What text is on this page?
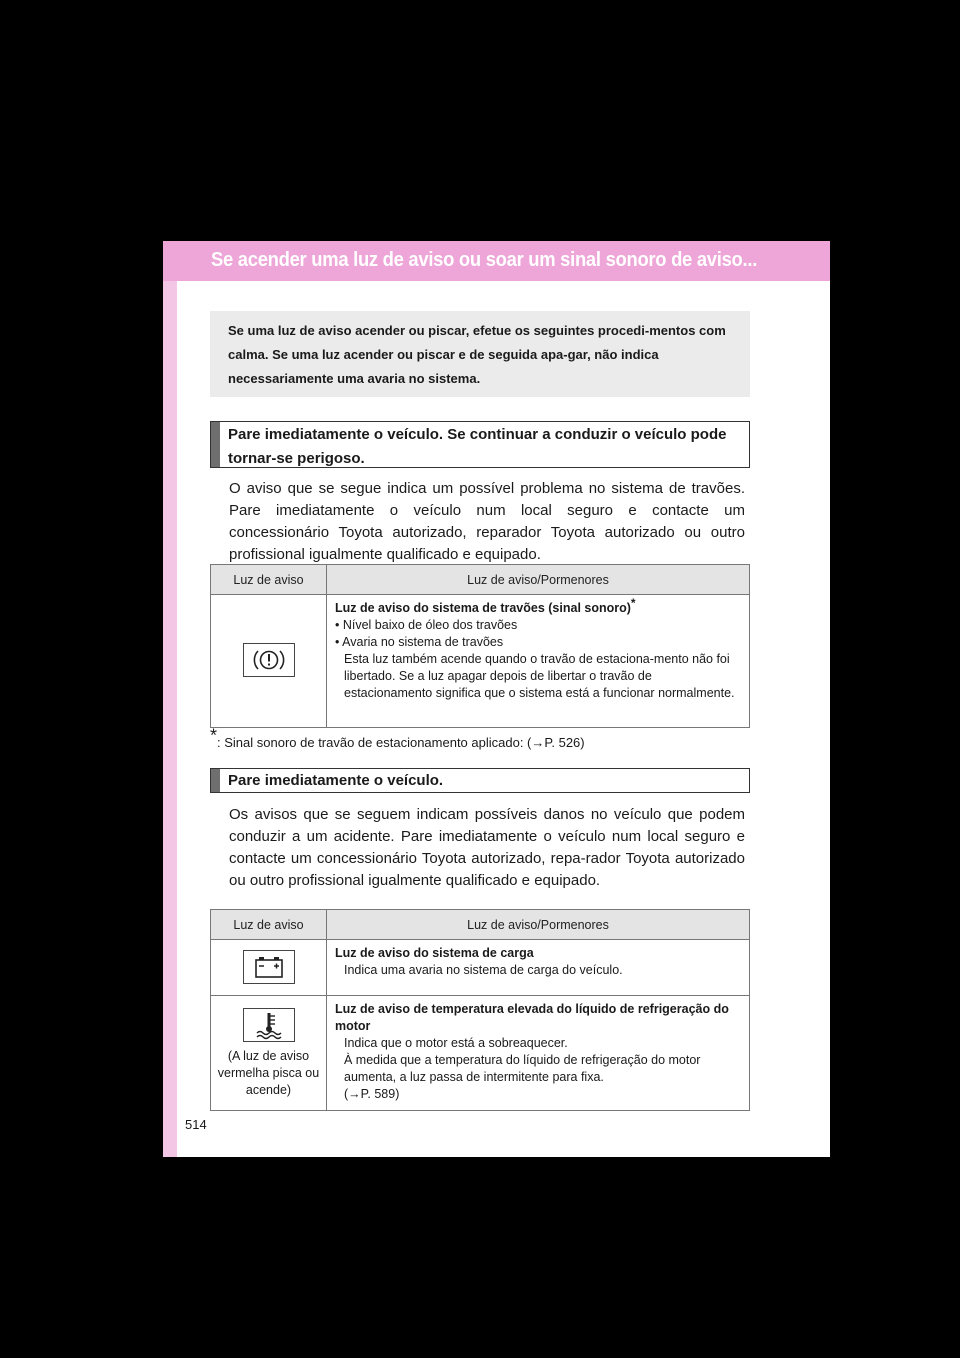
Se acender uma luz de aviso ou soar um sinal sonoro de aviso...
Se uma luz de aviso acender ou piscar, efetue os seguintes procedi-mentos com calma. Se uma luz acender ou piscar e de seguida apa-gar, não indica necessariamente uma avaria no sistema.
Pare imediatamente o veículo. Se continuar a conduzir o veículo pode tornar-se perigoso.
O aviso que se segue indica um possível problema no sistema de travões. Pare imediatamente o veículo num local seguro e contacte um concessionário Toyota autorizado, reparador Toyota autorizado ou outro profissional igualmente qualificado e equipado.
Luz de aviso	Luz de aviso/Pormenores

Luz de aviso do sistema de travões (sinal sonoro)*
• Nível baixo de óleo dos travões
• Avaria no sistema de travões
Esta luz também acende quando o travão de estaciona-mento não foi libertado. Se a luz apagar depois de libertar o travão de estacionamento significa que o sistema está a funcionar normalmente.
*: Sinal sonoro de travão de estacionamento aplicado: (→P. 526)
Pare imediatamente o veículo.
Os avisos que se seguem indicam possíveis danos no veículo que podem conduzir a um acidente. Pare imediatamente o veículo num local seguro e contacte um concessionário Toyota autorizado, repa-rador Toyota autorizado ou outro profissional igualmente qualificado e equipado.
Luz de aviso	Luz de aviso/Pormenores

Luz de aviso do sistema de carga
Indica uma avaria no sistema de carga do veículo.

(A luz de aviso vermelha pisca ou acende)	Luz de aviso de temperatura elevada do líquido de refrigeração do motor
Indica que o motor está a sobreaquecer.
À medida que a temperatura do líquido de refrigeração do motor aumenta, a luz passa de intermitente para fixa.
(→P. 589)
514
